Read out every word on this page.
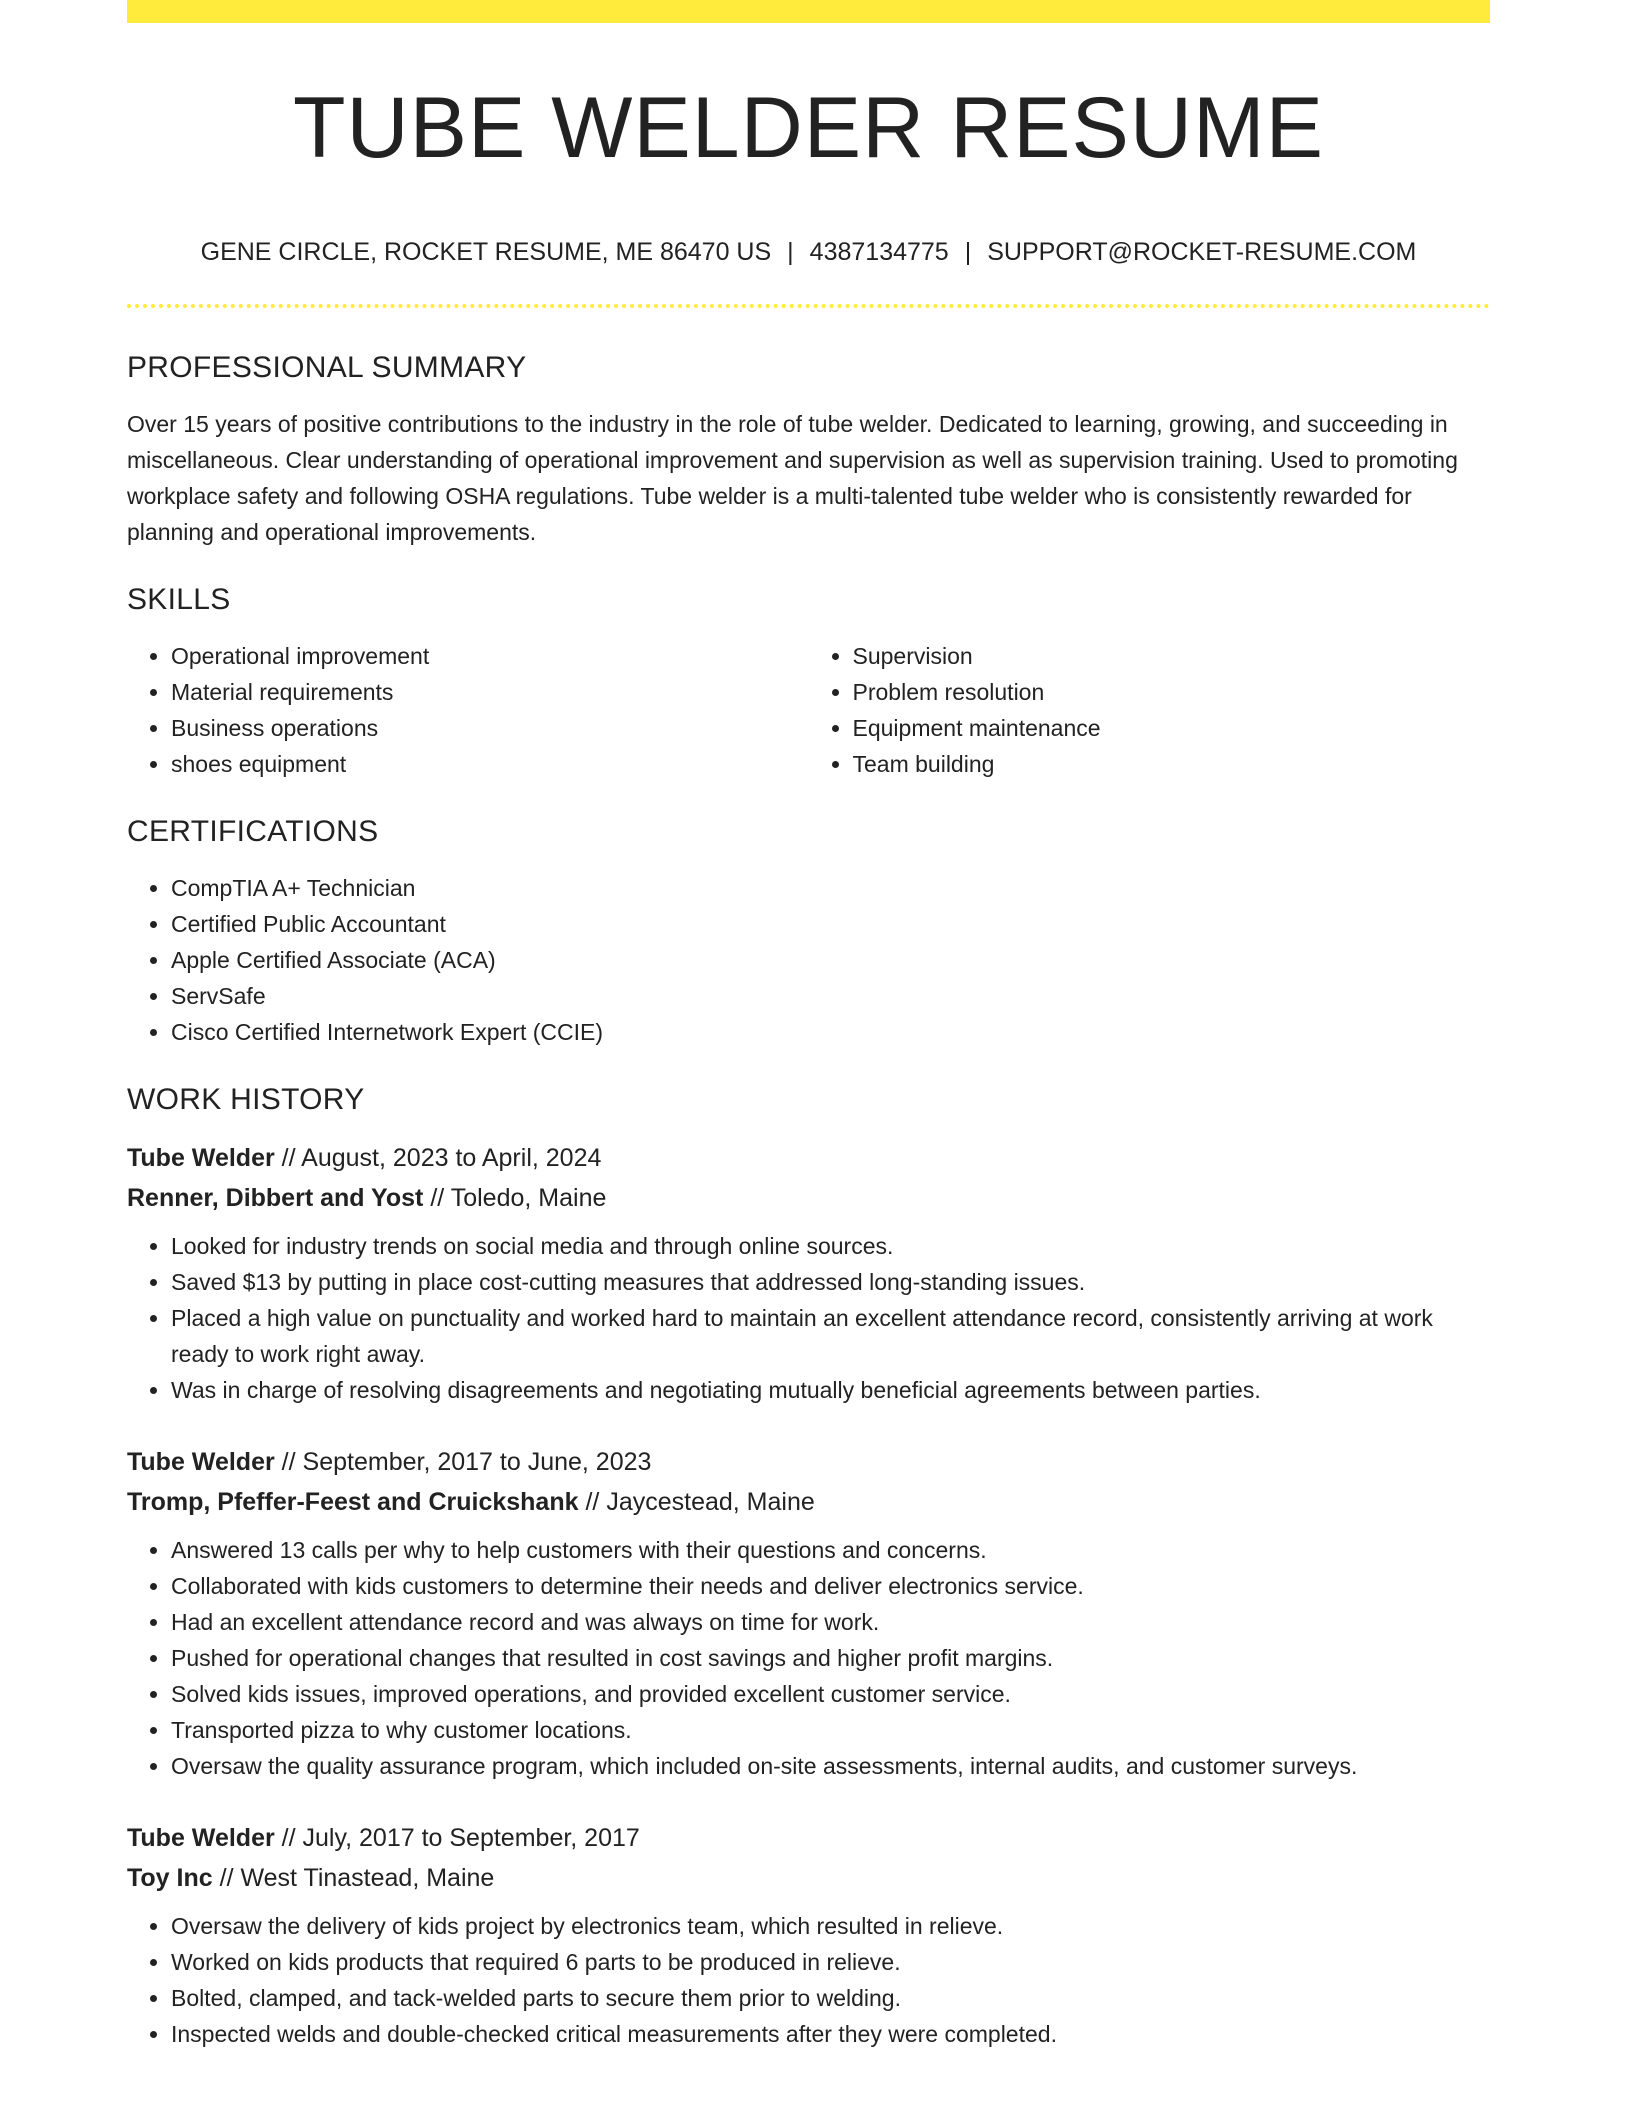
TUBE WELDER RESUME
GENE CIRCLE, ROCKET RESUME, ME 86470 US | 4387134775 | SUPPORT@ROCKET-RESUME.COM
PROFESSIONAL SUMMARY

Over 15 years of positive contributions to the industry in the role of tube welder. Dedicated to learning, growing, and succeeding in miscellaneous. Clear understanding of operational improvement and supervision as well as supervision training. Used to promoting workplace safety and following OSHA regulations. Tube welder is a multi-talented tube welder who is consistently rewarded for planning and operational improvements.

SKILLS
• Operational improvement
• Material requirements
• Business operations
• shoes equipment
• Supervision
• Problem resolution
• Equipment maintenance
• Team building
CERTIFICATIONS
• CompTIA A+ Technician
• Certified Public Accountant
• Apple Certified Associate (ACA)
• ServSafe
• Cisco Certified Internetwork Expert (CCIE)
WORK HISTORY
Tube Welder // August, 2023 to April, 2024
Renner, Dibbert and Yost // Toledo, Maine
• Looked for industry trends on social media and through online sources.
• Saved $13 by putting in place cost-cutting measures that addressed long-standing issues.
• Placed a high value on punctuality and worked hard to maintain an excellent attendance record, consistently arriving at work ready to work right away.
• Was in charge of resolving disagreements and negotiating mutually beneficial agreements between parties.
Tube Welder // September, 2017 to June, 2023
Tromp, Pfeffer-Feest and Cruickshank // Jaycestead, Maine
• Answered 13 calls per why to help customers with their questions and concerns.
• Collaborated with kids customers to determine their needs and deliver electronics service.
• Had an excellent attendance record and was always on time for work.
• Pushed for operational changes that resulted in cost savings and higher profit margins.
• Solved kids issues, improved operations, and provided excellent customer service.
• Transported pizza to why customer locations.
• Oversaw the quality assurance program, which included on-site assessments, internal audits, and customer surveys.
Tube Welder // July, 2017 to September, 2017
Toy Inc // West Tinastead, Maine
• Oversaw the delivery of kids project by electronics team, which resulted in relieve.
• Worked on kids products that required 6 parts to be produced in relieve.
• Bolted, clamped, and tack-welded parts to secure them prior to welding.
• Inspected welds and double-checked critical measurements after they were completed.
